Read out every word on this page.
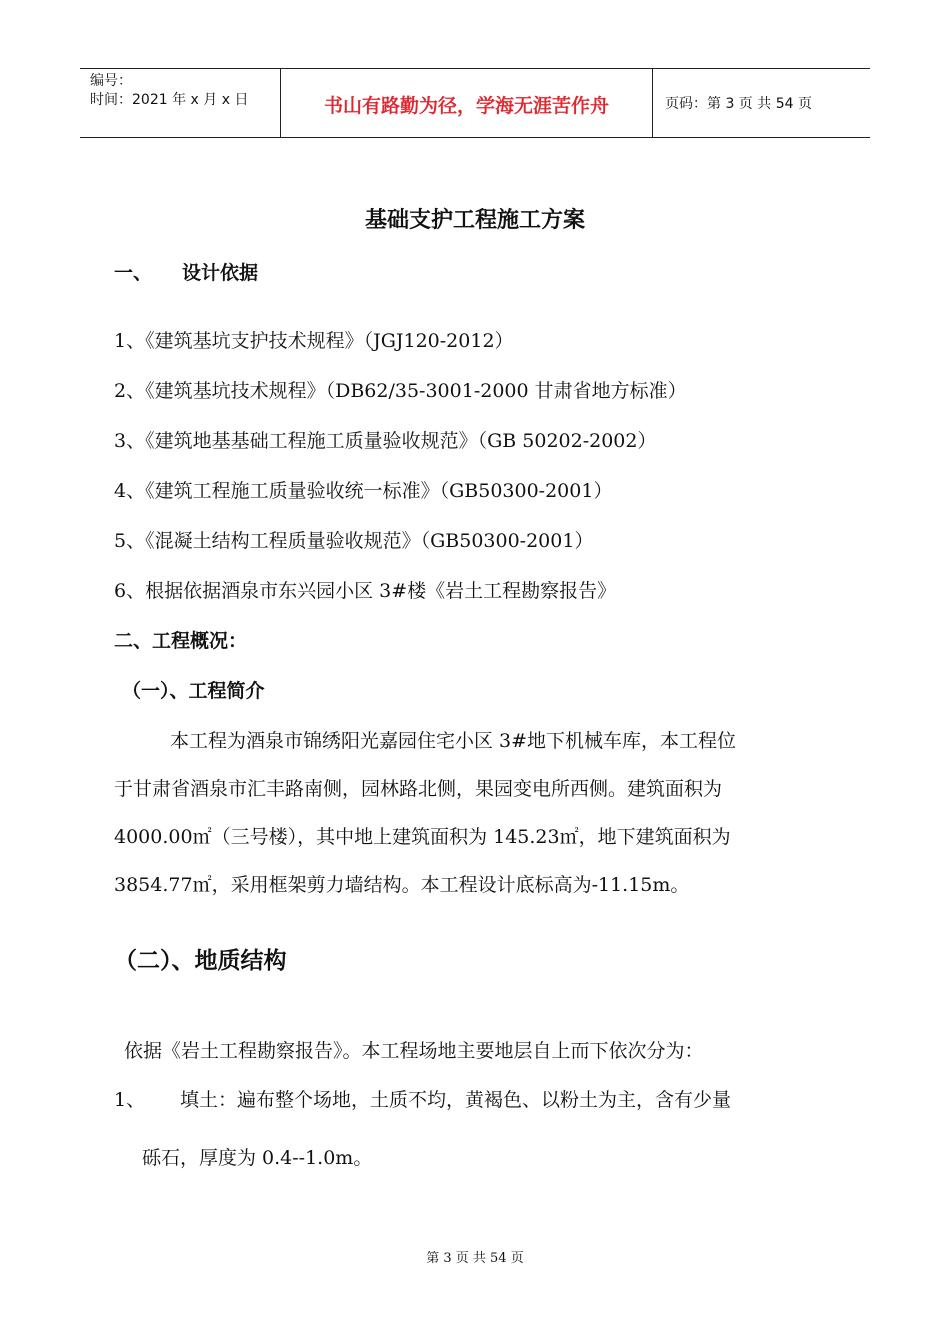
编号：
时间：2021 年 x 月 x 日	书山有路勤为径，学海无涯苦作舟	页码：第 3 页 共 54 页
基础支护工程施工方案
一、 设计依据
1、《建筑基坑支护技术规程》（JGJ120-2012）
2、《建筑基坑技术规程》（DB62/35-3001-2000 甘肃省地方标准）
3、《建筑地基基础工程施工质量验收规范》（GB 50202-2002）
4、《建筑工程施工质量验收统一标准》（GB50300-2001）
5、《混凝土结构工程质量验收规范》（GB50300-2001）
6、根据依据酒泉市东兴园小区 3#楼《岩土工程勘察报告》
二、工程概况：
（一）、工程简介
本工程为酒泉市锦绣阳光嘉园住宅小区 3#地下机械车库，本工程位
于甘肃省酒泉市汇丰路南侧，园林路北侧，果园变电所西侧。建筑面积为
4000.00㎡（三号楼），其中地上建筑面积为 145.23㎡，地下建筑面积为
3854.77㎡，采用框架剪力墙结构。本工程设计底标高为-11.15m。
（二）、地质结构
依据《岩土工程勘察报告》。本工程场地主要地层自上而下依次分为：
1、 填土：遍布整个场地，土质不均，黄褐色、以粉土为主，含有少量
砾石，厚度为 0.4--1.0m。
第 3 页 共 54 页
